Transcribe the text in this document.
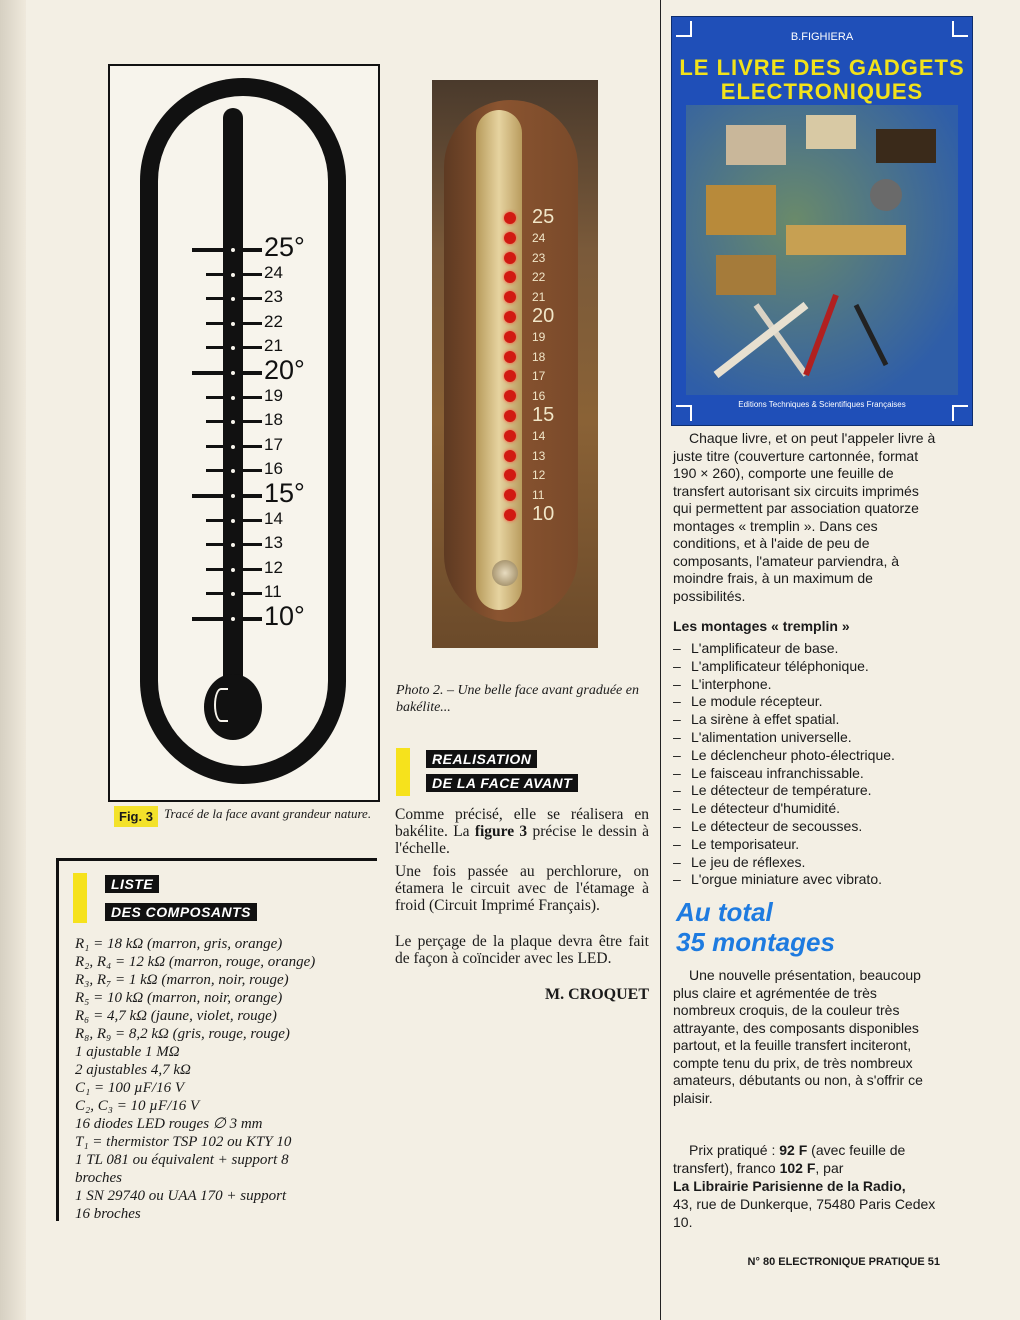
25°
24
23
22
21
20°
19
18
17
16
15°
14
13
12
11
10°
Fig. 3 Tracé de la face avant grandeur nature.
LISTE
DES COMPOSANTS
R₁ = 18 kΩ (marron, gris, orange)
R₂, R₄ = 12 kΩ (marron, rouge, orange)
R₃, R₇ = 1 kΩ (marron, noir, rouge)
R₅ = 10 kΩ (marron, noir, orange)
R₆ = 4,7 kΩ (jaune, violet, rouge)
R₈, R₉ = 8,2 kΩ (gris, rouge, rouge)
1 ajustable 1 MΩ
2 ajustables 4,7 kΩ
C₁ = 100 µF/16 V
C₂, C₃ = 10 µF/16 V
16 diodes LED rouges ∅ 3 mm
T₁ = thermistor TSP 102 ou KTY 10
1 TL 081 ou équivalent + support 8
broches
1 SN 29740 ou UAA 170 + support
16 broches
25
24
23
22
21
20
19
18
17
16
15
14
13
12
11
10
Photo 2. – Une belle face avant graduée en bakélite...
REALISATION
DE LA FACE AVANT
Comme précisé, elle se réalisera en bakélite. La figure 3 précise le dessin à l'échelle.
Une fois passée au perchlorure, on étamera le circuit avec de l'étamage à froid (Circuit Imprimé Français).
Le perçage de la plaque devra être fait de façon à coïncider avec les LED.
M. CROQUET
B.FIGHIERA
LE LIVRE DES GADGETS
ELECTRONIQUES
Editions Techniques & Scientifiques Françaises
Chaque livre, et on peut l'appeler livre à juste titre (couverture cartonnée, format 190 × 260), comporte une feuille de transfert autorisant six circuits imprimés qui permettent par association quatorze montages « tremplin ». Dans ces conditions, et à l'aide de peu de composants, l'amateur parviendra, à moindre frais, à un maximum de possibilités.
Les montages « tremplin »
–L'amplificateur de base.
–L'amplificateur téléphonique.
–L'interphone.
–Le module récepteur.
–La sirène à effet spatial.
–L'alimentation universelle.
–Le déclencheur photo-électrique.
–Le faisceau infranchissable.
–Le détecteur de température.
–Le détecteur d'humidité.
–Le détecteur de secousses.
–Le temporisateur.
–Le jeu de réflexes.
–L'orgue miniature avec vibrato.
Au total
35 montages
Une nouvelle présentation, beaucoup plus claire et agrémentée de très nombreux croquis, de la couleur très attrayante, des composants disponibles partout, et la feuille transfert inciteront, compte tenu du prix, de très nombreux amateurs, débutants ou non, à s'offrir ce plaisir.
Prix pratiqué : 92 F (avec feuille de transfert), franco 102 F, par
La Librairie Parisienne de la Radio,
43, rue de Dunkerque, 75480 Paris Cedex 10.
N° 80 ELECTRONIQUE PRATIQUE 51
